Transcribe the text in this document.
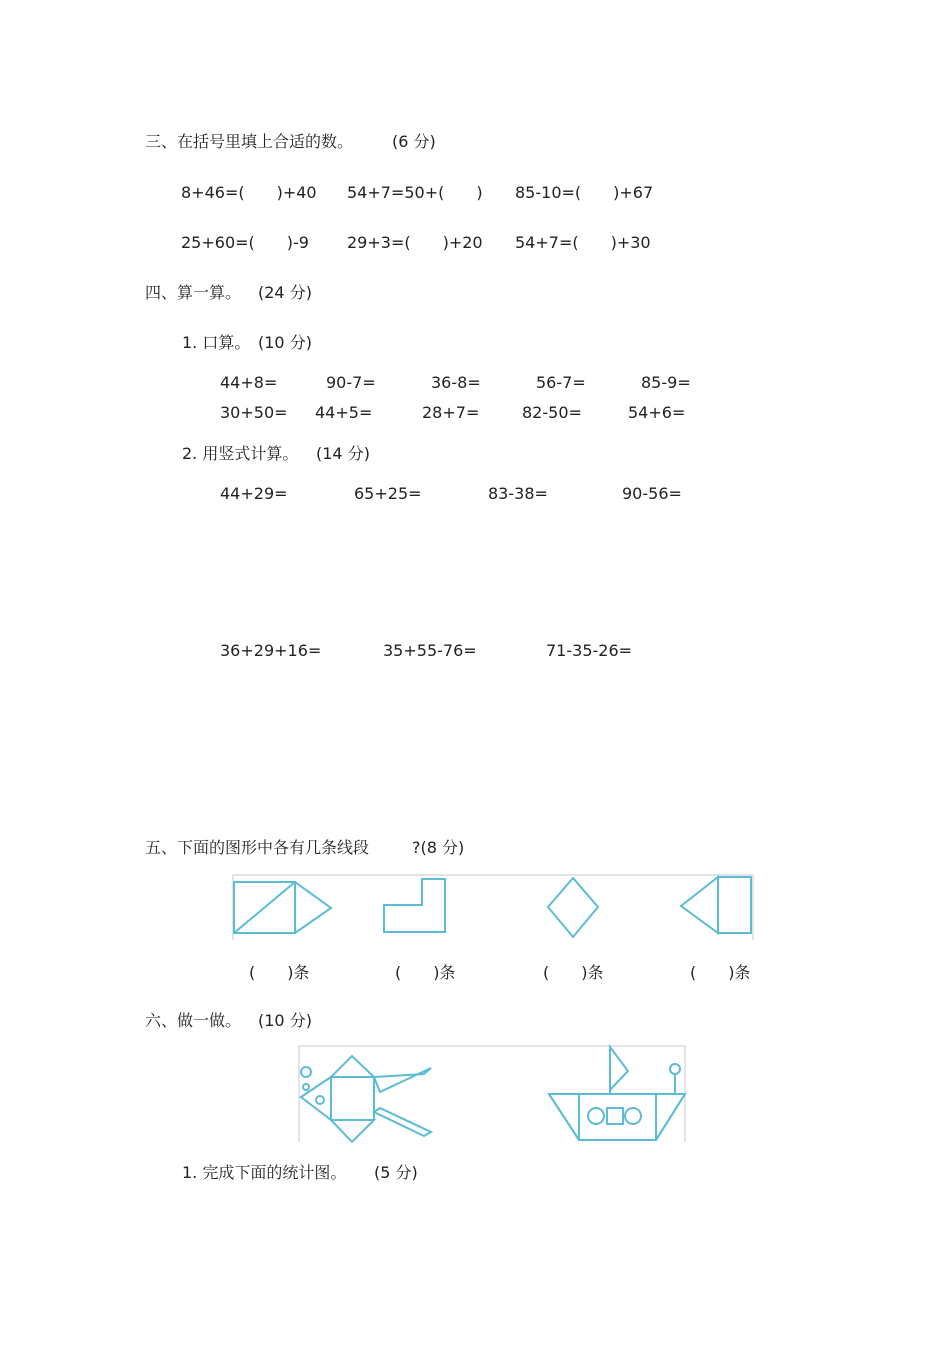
三、在括号里填上合适的数。 (6 分)
8+46=(　　)+40 54+7=50+(　　) 85-10=(　　)+67
25+60=(　　)-9 29+3=(　　)+20 54+7=(　　)+30
四、算一算。 (24 分)
1. 口算。 (10 分)
44+8=	90-7=	36-8=	56-7=	85-9=
30+50= 44+5=	28+7=	82-50=	54+6=
2. 用竖式计算。 (14 分)
44+29=	65+25=	83-38=	90-56=
36+29+16=	35+55-76=	71-35-26=
五、下面的图形中各有几条线段	?(8 分)
(　　)条	(　　)条	(　　)条	(　　)条
六、做一做。 (10 分)
1. 完成下面的统计图。 (5 分)
